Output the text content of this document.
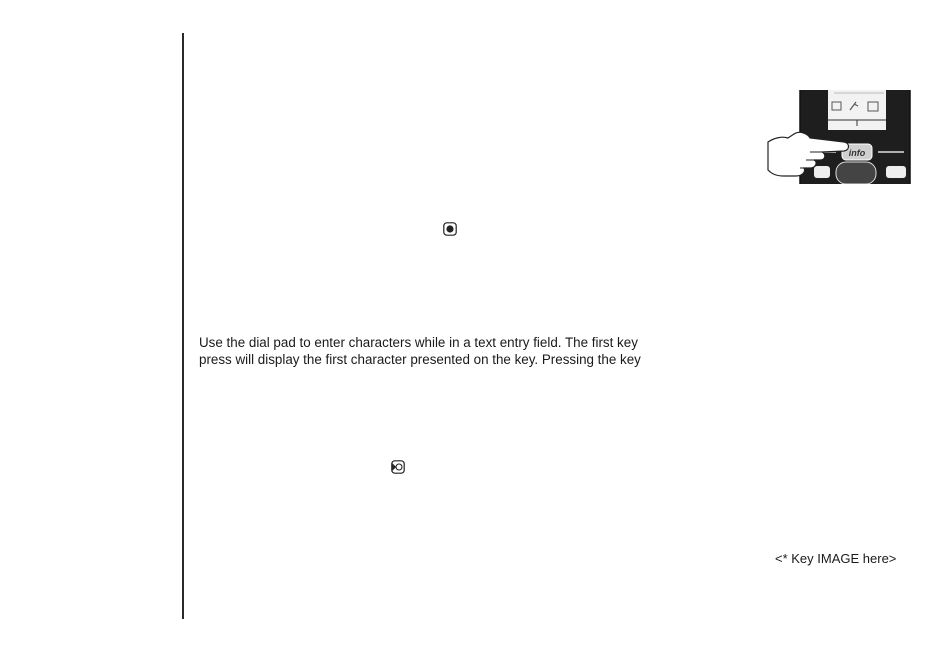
info
Use the dial pad to enter characters while in a text entry field. The first key
press will display the first character presented on the key. Pressing the key
<* Key IMAGE here>
